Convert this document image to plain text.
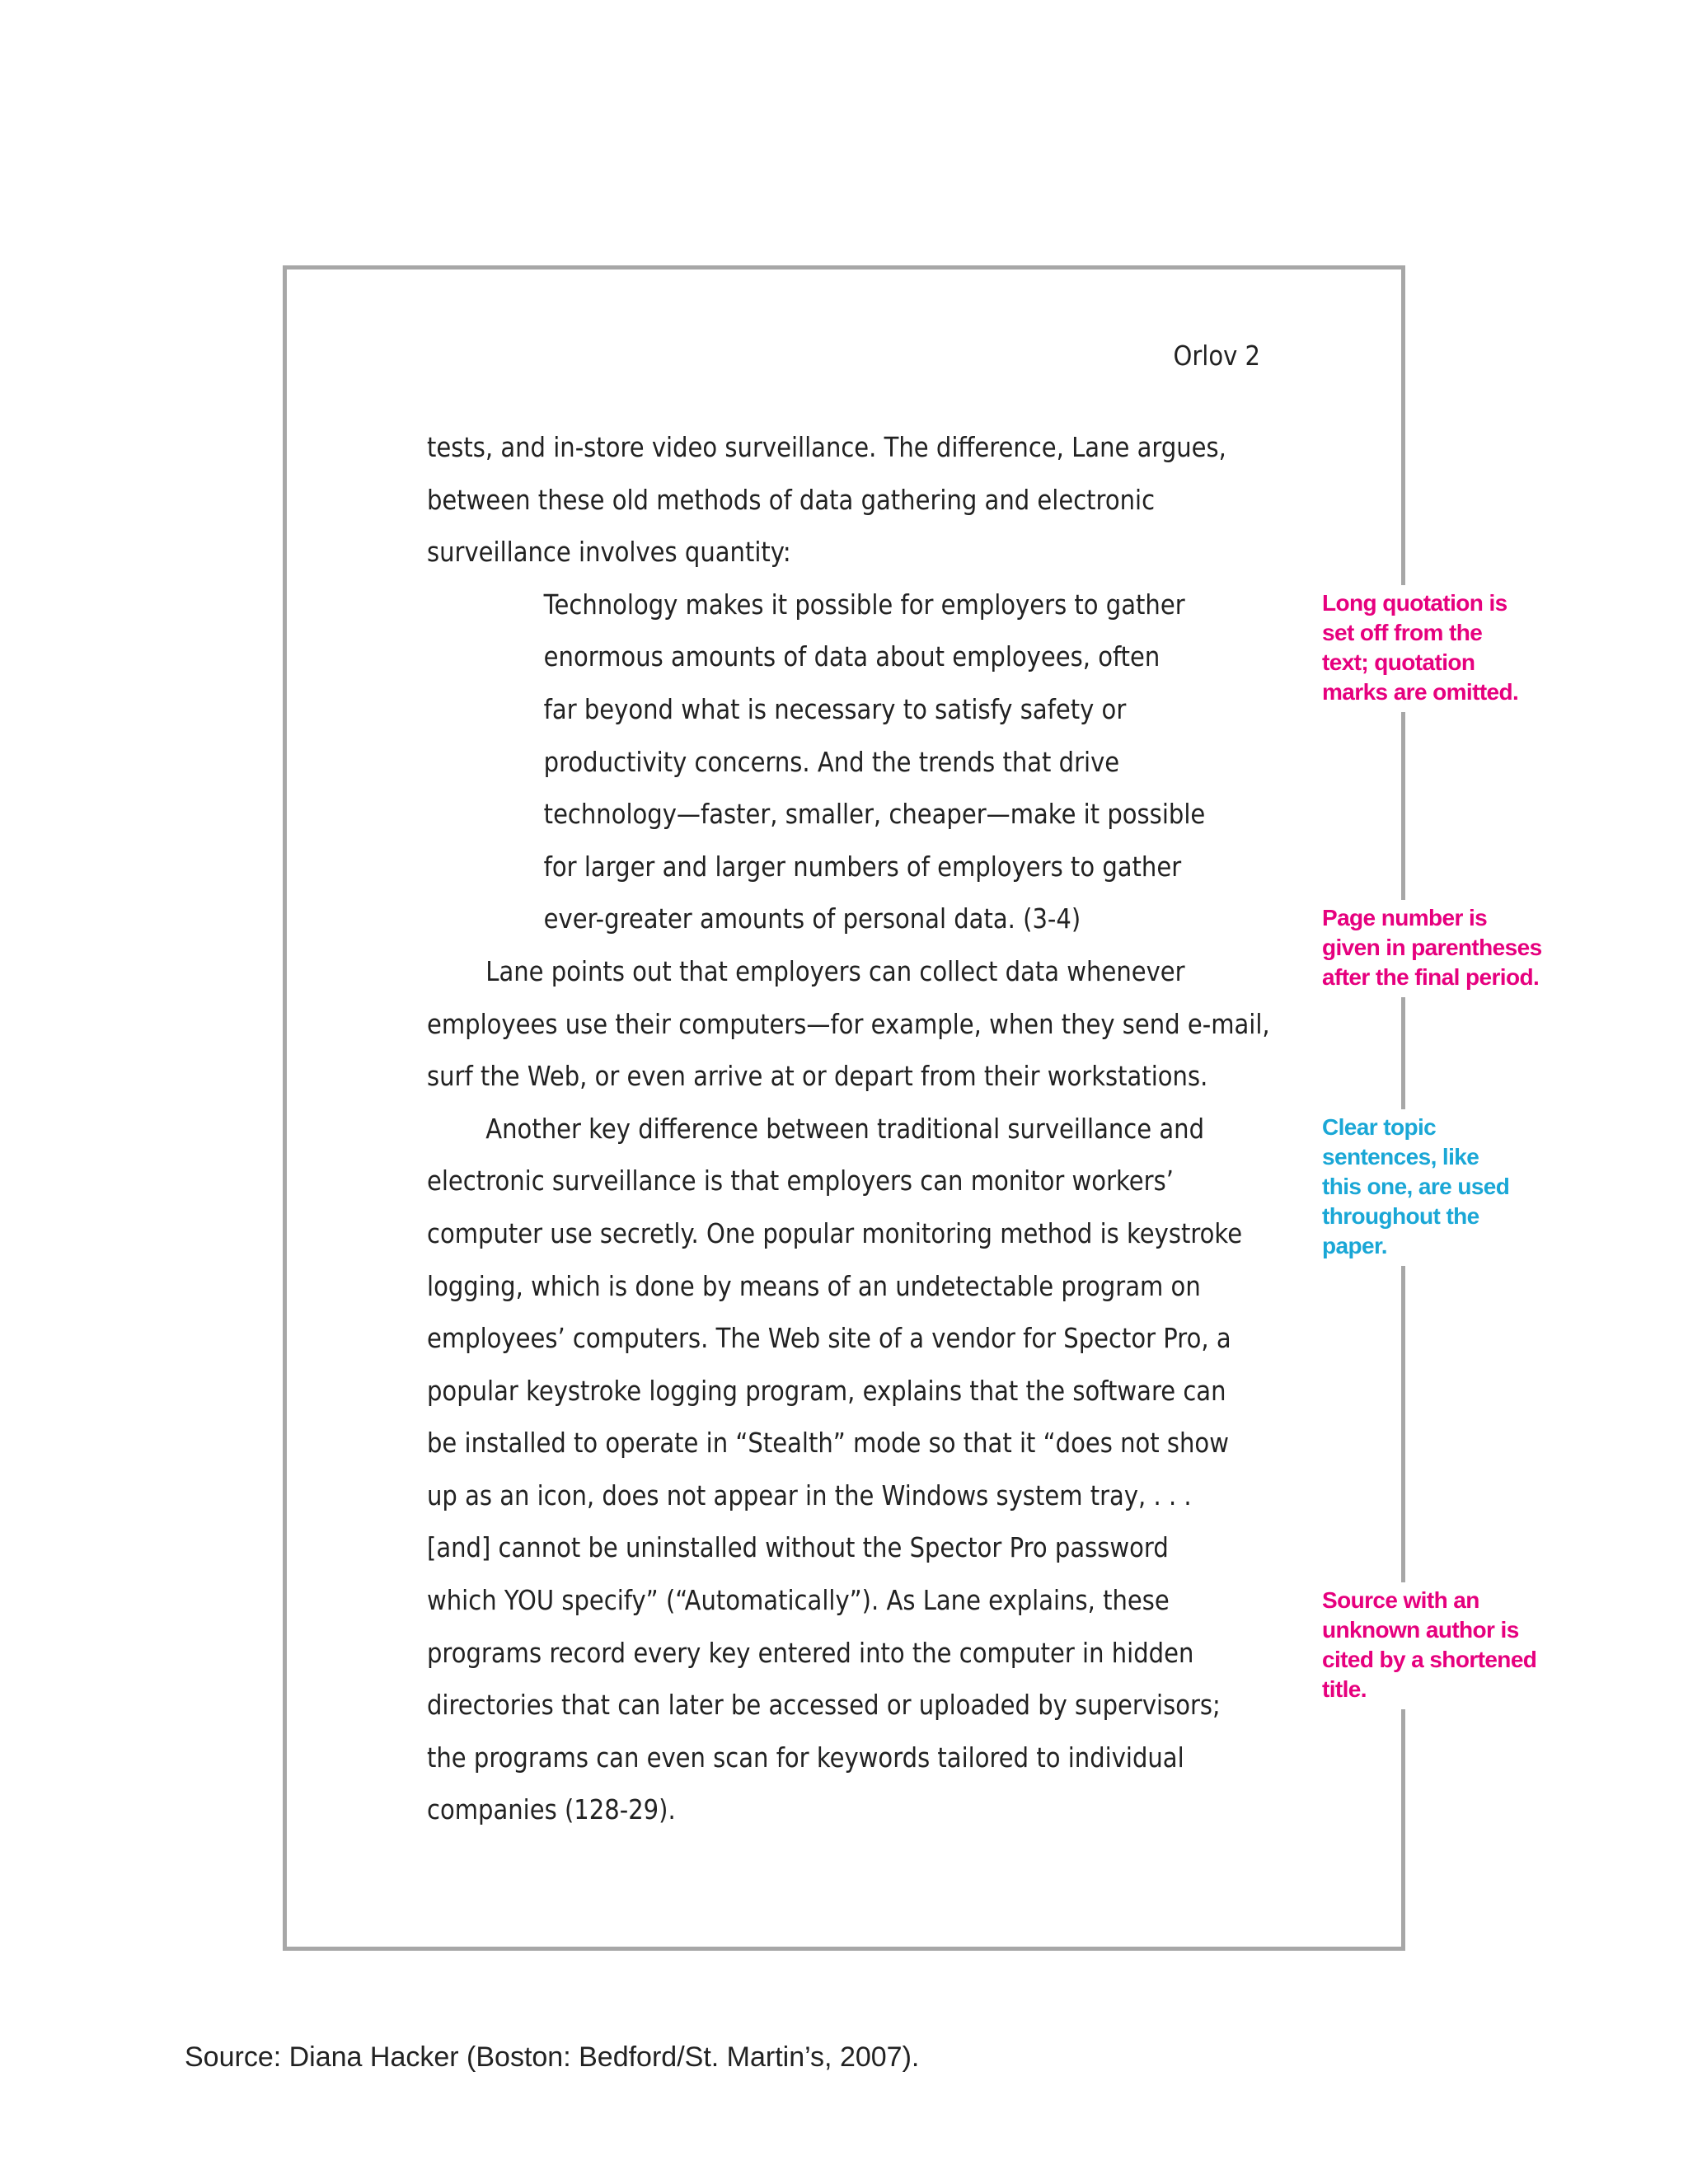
Orlov 2
tests, and in-store video surveillance. The difference, Lane argues,
between these old methods of data gathering and electronic
surveillance involves quantity:
Technology makes it possible for employers to gather
enormous amounts of data about employees, often
far beyond what is necessary to satisfy safety or
productivity concerns. And the trends that drive
technology—faster, smaller, cheaper—make it possible
for larger and larger numbers of employers to gather
ever-greater amounts of personal data. (3-4)
Lane points out that employers can collect data whenever
employees use their computers—for example, when they send e-mail,
surf the Web, or even arrive at or depart from their workstations.
Another key difference between traditional surveillance and
electronic surveillance is that employers can monitor workers’
computer use secretly. One popular monitoring method is keystroke
logging, which is done by means of an undetectable program on
employees’ computers. The Web site of a vendor for Spector Pro, a
popular keystroke logging program, explains that the software can
be installed to operate in “Stealth” mode so that it “does not show
up as an icon, does not appear in the Windows system tray, . . .
[and] cannot be uninstalled without the Spector Pro password
which YOU specify” (“Automatically”). As Lane explains, these
programs record every key entered into the computer in hidden
directories that can later be accessed or uploaded by supervisors;
the programs can even scan for keywords tailored to individual
companies (128-29).
Long quotation is
set off from the
text; quotation
marks are omitted.
Page number is
given in parentheses
after the final period.
Clear topic
sentences, like
this one, are used
throughout the
paper.
Source with an
unknown author is
cited by a shortened
title.
Source: Diana Hacker (Boston: Bedford/St. Martin’s, 2007).
